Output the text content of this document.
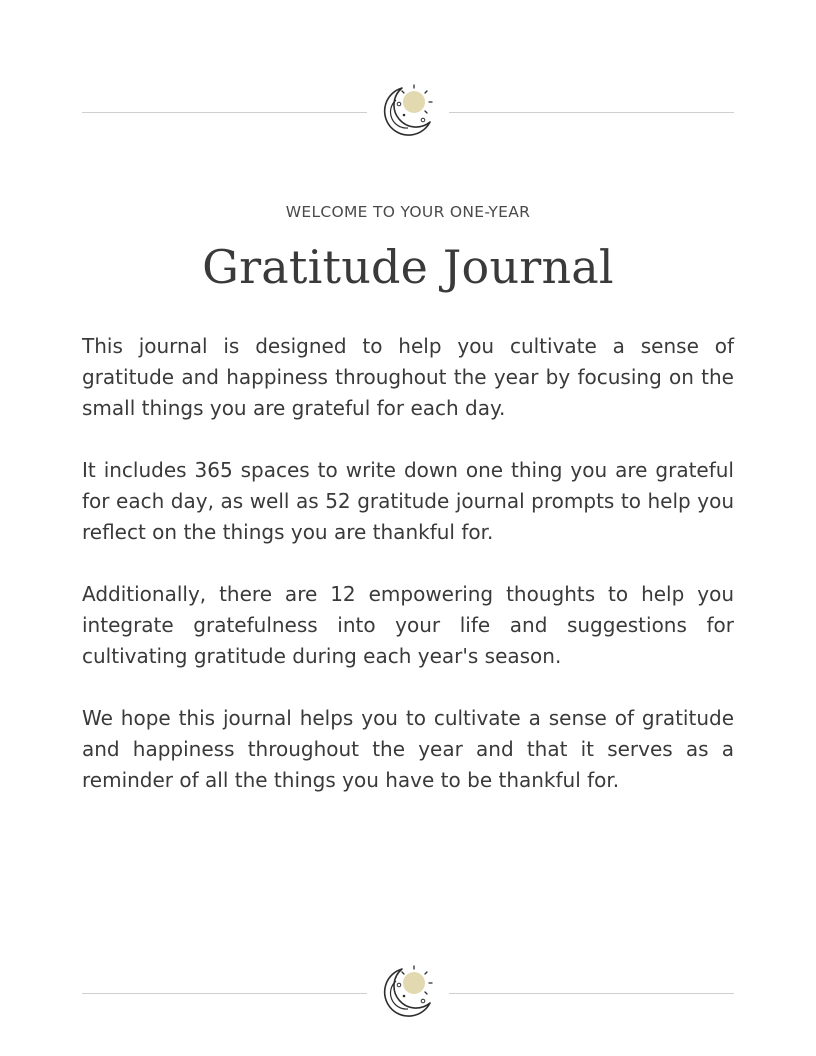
WELCOME TO YOUR ONE-YEAR
Gratitude Journal

This journal is designed to help you cultivate a sense of gratitude and happiness throughout the year by focusing on the small things you are grateful for each day.

It includes 365 spaces to write down one thing you are grateful for each day, as well as 52 gratitude journal prompts to help you reflect on the things you are thankful for.

Additionally, there are 12 empowering thoughts to help you integrate gratefulness into your life and suggestions for cultivating gratitude during each year's season.

We hope this journal helps you to cultivate a sense of gratitude and happiness throughout the year and that it serves as a reminder of all the things you have to be thankful for.
